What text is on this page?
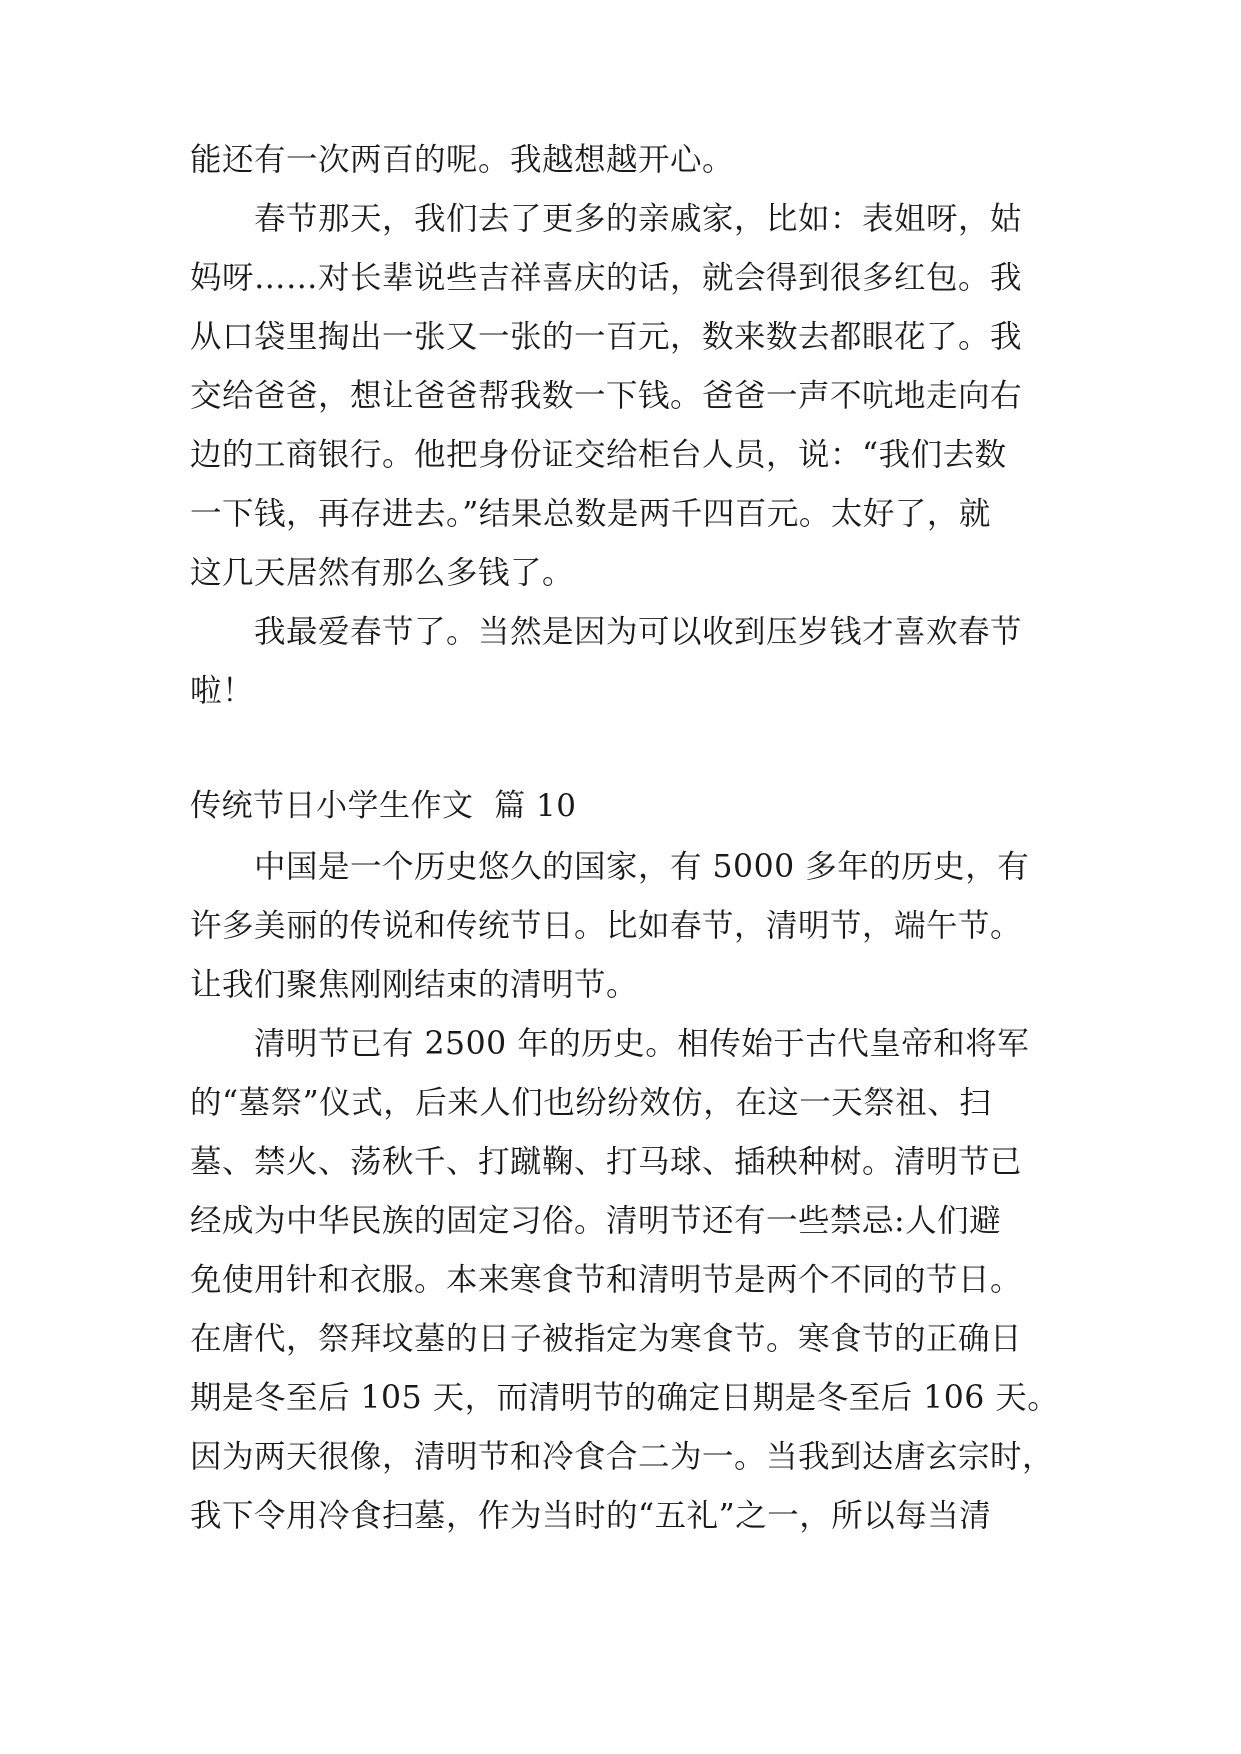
能还有一次两百的呢。我越想越开心。
　　春节那天，我们去了更多的亲戚家，比如：表姐呀，姑
妈呀……对长辈说些吉祥喜庆的话，就会得到很多红包。我
从口袋里掏出一张又一张的一百元，数来数去都眼花了。我
交给爸爸，想让爸爸帮我数一下钱。爸爸一声不吭地走向右
边的工商银行。他把身份证交给柜台人员，说：“我们去数
一下钱，再存进去。”结果总数是两千四百元。太好了，就
这几天居然有那么多钱了。
　　我最爱春节了。当然是因为可以收到压岁钱才喜欢春节
啦！
传统节日小学生作文  篇 10
　　中国是一个历史悠久的国家，有 5000 多年的历史，有
许多美丽的传说和传统节日。比如春节，清明节，端午节。
让我们聚焦刚刚结束的清明节。
　　清明节已有 2500 年的历史。相传始于古代皇帝和将军
的“墓祭”仪式，后来人们也纷纷效仿，在这一天祭祖、扫
墓、禁火、荡秋千、打蹴鞠、打马球、插秧种树。清明节已
经成为中华民族的固定习俗。清明节还有一些禁忌:人们避
免使用针和衣服。本来寒食节和清明节是两个不同的节日。
在唐代，祭拜坟墓的日子被指定为寒食节。寒食节的正确日
期是冬至后 105 天，而清明节的确定日期是冬至后 106 天。
因为两天很像，清明节和冷食合二为一。当我到达唐玄宗时，
我下令用冷食扫墓，作为当时的“五礼”之一，所以每当清
